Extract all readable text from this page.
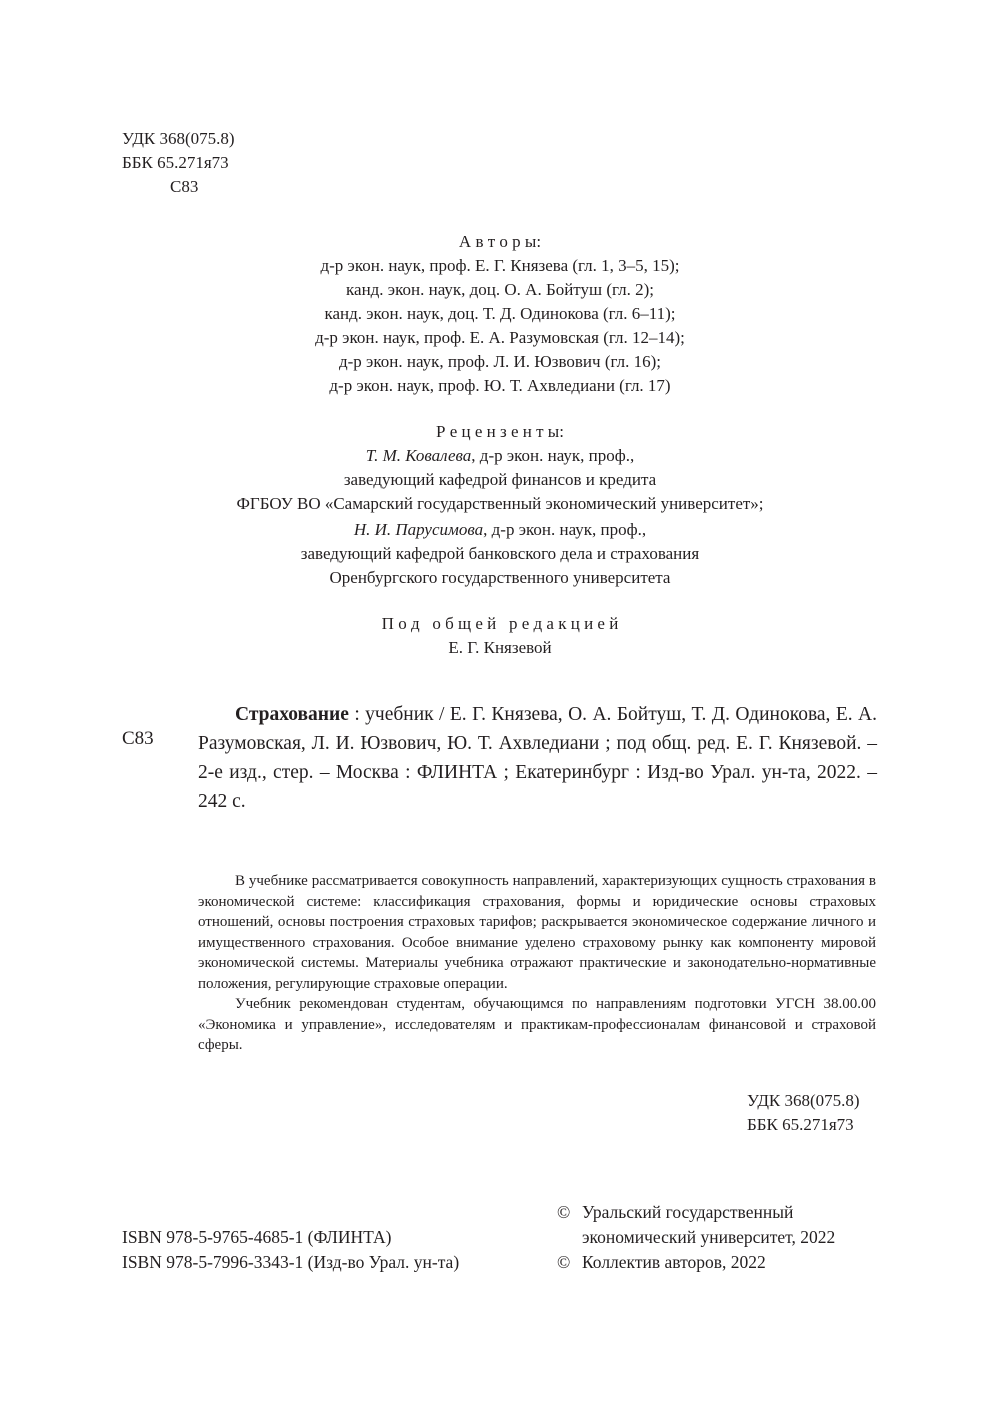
УДК 368(075.8)
ББК 65.271я73
С83
А в т о р ы:
д-р экон. наук, проф. Е. Г. Князева (гл. 1, 3–5, 15);
канд. экон. наук, доц. О. А. Бойтуш (гл. 2);
канд. экон. наук, доц. Т. Д. Одинокова (гл. 6–11);
д-р экон. наук, проф. Е. А. Разумовская (гл. 12–14);
д-р экон. наук, проф. Л. И. Юзвович (гл. 16);
д-р экон. наук, проф. Ю. Т. Ахвледиани (гл. 17)
Р е ц е н з е н т ы:
Т. М. Ковалева, д-р экон. наук, проф.,
заведующий кафедрой финансов и кредита
ФГБОУ ВО «Самарский государственный экономический университет»;
Н. И. Парусимова, д-р экон. наук, проф.,
заведующий кафедрой банковского дела и страхования
Оренбургского государственного университета
П о д   о б щ е й   р е д а к ц и е й
Е. Г. Князевой
С83

Страхование : учебник / Е. Г. Князева, О. А. Бойтуш, Т. Д. Одинокова, Е. А. Разумовская, Л. И. Юзвович, Ю. Т. Ахвледиани ; под общ. ред. Е. Г. Князевой. – 2-е изд., стер. – Москва : ФЛИНТА ; Екатеринбург : Изд-во Урал. ун-та, 2022. – 242 с.

В учебнике рассматривается совокупность направлений, характеризующих сущность страхования в экономической системе: классификация страхования, формы и юридические основы страховых отношений, основы построения страховых тарифов; раскрывается экономическое содержание личного и имущественного страхования. Особое внимание уделено страховому рынку как компоненту мировой экономической системы. Материалы учебника отражают практические и законодательно-нормативные положения, регулирующие страховые операции.

Учебник рекомендован студентам, обучающимся по направлениям подготовки УГСН 38.00.00 «Экономика и управление», исследователям и практикам-профессионалам финансовой и страховой сферы.

УДК 368(075.8)
ББК 65.271я73
ISBN 978-5-9765-4685-1 (ФЛИНТА)
ISBN 978-5-7996-3343-1 (Изд-во Урал. ун-та)
© Уральский государственный
экономический университет, 2022
© Коллектив авторов, 2022
